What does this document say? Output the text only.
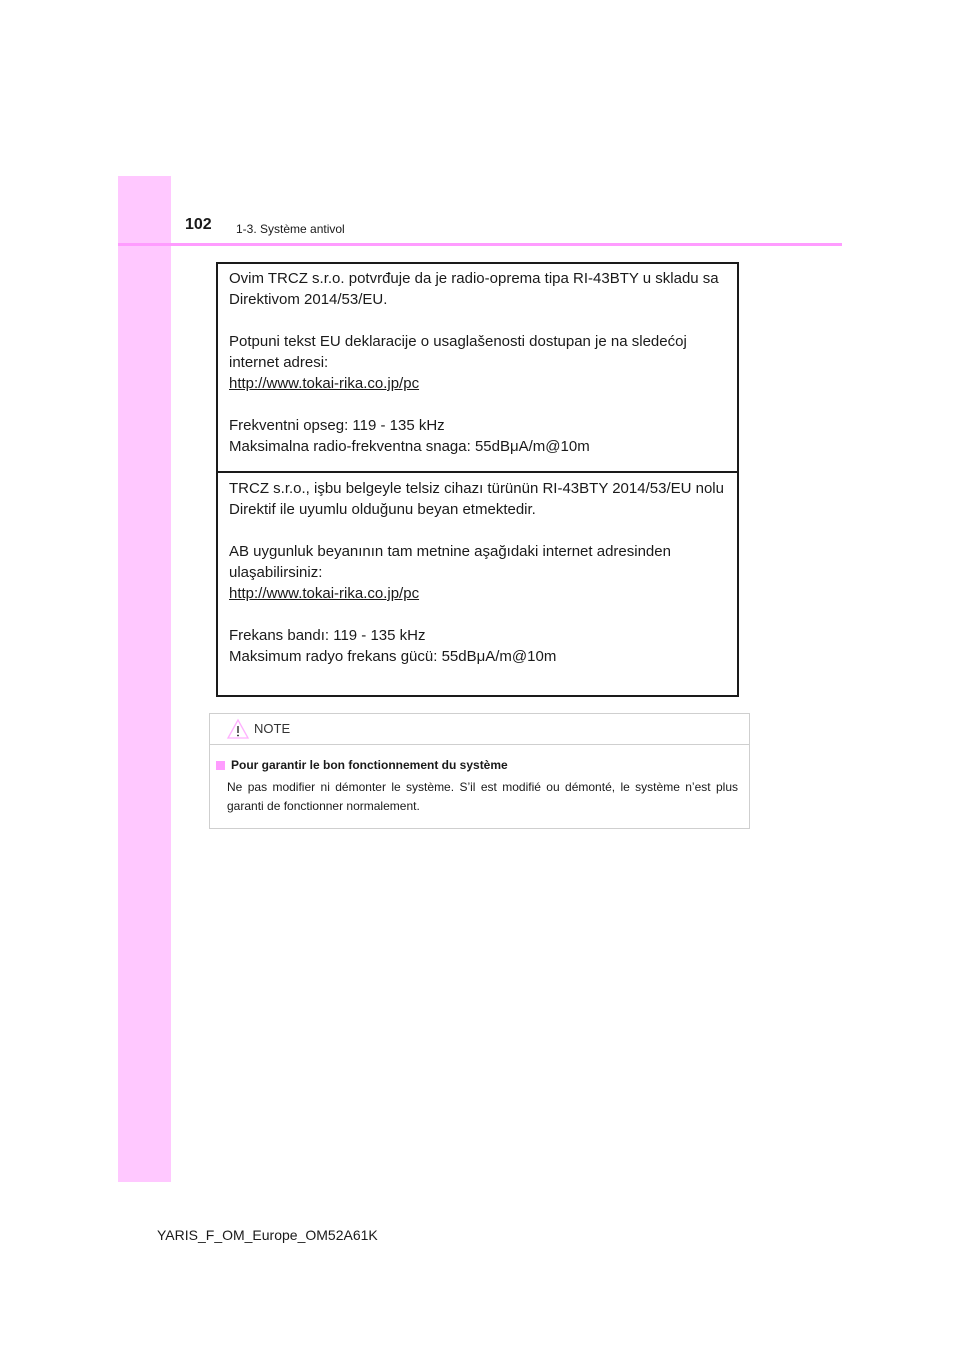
102 1-3. Système antivol

Ovim TRCZ s.r.o. potvrđuje da je radio-oprema tipa RI-43BTY u skladu sa Direktivom 2014/53/EU.

Potpuni tekst EU deklaracije o usaglašenosti dostupan je na sledećoj internet adresi:

http://www.tokai-rika.co.jp/pc

Frekventni opseg: 119 - 135 kHz

Maksimalna radio-frekventna snaga: 55dBμA/m@10m

TRCZ s.r.o., işbu belgeyle telsiz cihazı türünün RI-43BTY 2014/53/EU nolu Direktif ile uyumlu olduğunu beyan etmektedir.

AB uygunluk beyanının tam metnine aşağıdaki internet adresinden ulaşabilirsiniz:

http://www.tokai-rika.co.jp/pc

Frekans bandı: 119 - 135 kHz

Maksimum radyo frekans gücü: 55dBμA/m@10m

NOTE
Pour garantir le bon fonctionnement du système
Ne pas modifier ni démonter le système. S’il est modifié ou démonté, le système n’est plus garanti de fonctionner normalement.
YARIS_F_OM_Europe_OM52A61K
